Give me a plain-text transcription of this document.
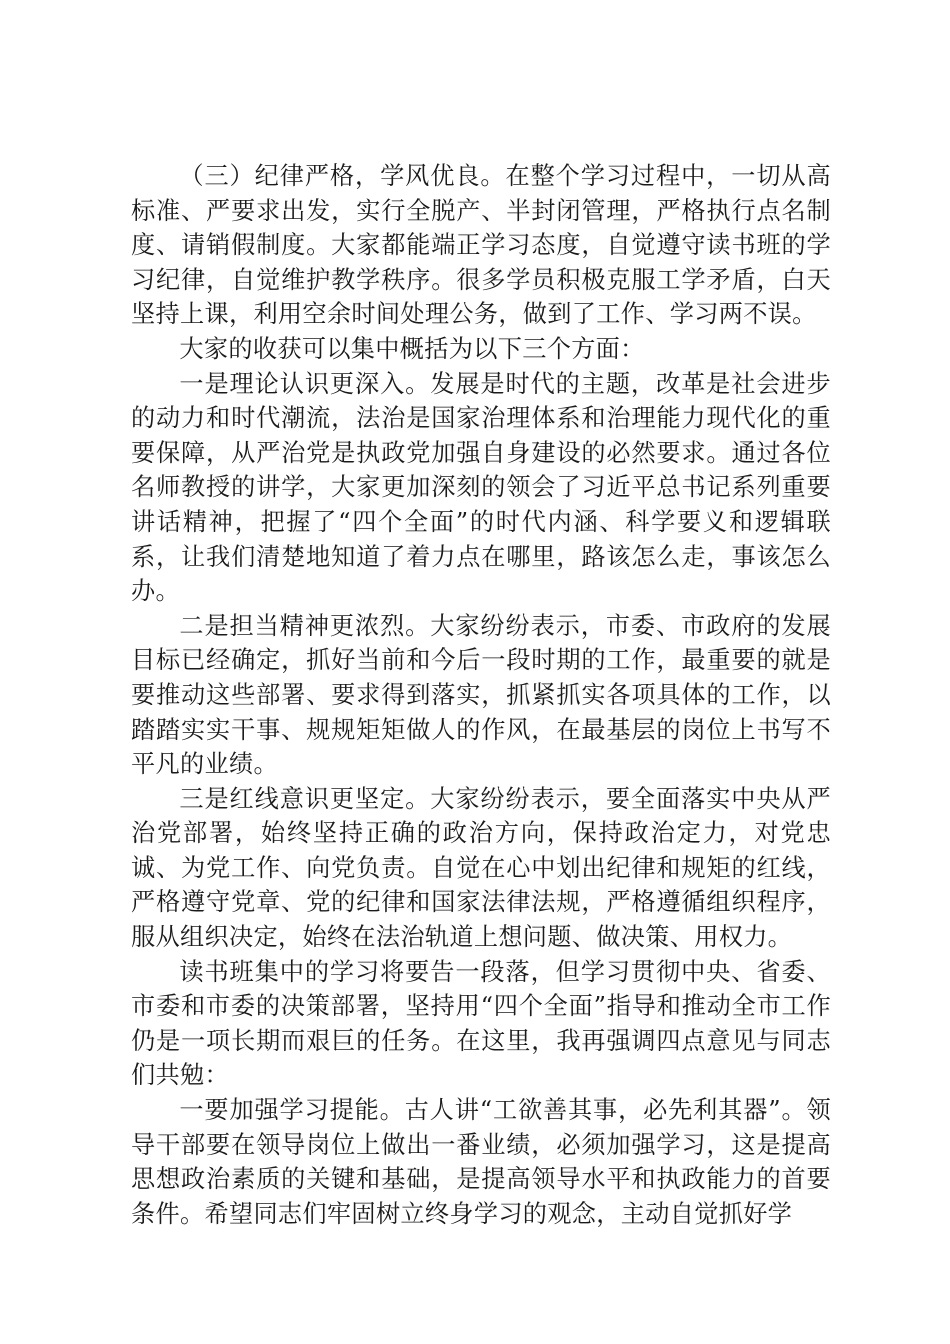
（三）纪律严格，学风优良。在整个学习过程中，一切从高标准、严要求出发，实行全脱产、半封闭管理，严格执行点名制度、请销假制度。大家都能端正学习态度，自觉遵守读书班的学习纪律，自觉维护教学秩序。很多学员积极克服工学矛盾，白天坚持上课，利用空余时间处理公务，做到了工作、学习两不误。

大家的收获可以集中概括为以下三个方面：

一是理论认识更深入。发展是时代的主题，改革是社会进步的动力和时代潮流，法治是国家治理体系和治理能力现代化的重要保障，从严治党是执政党加强自身建设的必然要求。通过各位名师教授的讲学，大家更加深刻的领会了习近平总书记系列重要讲话精神，把握了“四个全面”的时代内涵、科学要义和逻辑联系，让我们清楚地知道了着力点在哪里，路该怎么走，事该怎么办。

二是担当精神更浓烈。大家纷纷表示，市委、市政府的发展目标已经确定，抓好当前和今后一段时期的工作，最重要的就是要推动这些部署、要求得到落实，抓紧抓实各项具体的工作，以踏踏实实干事、规规矩矩做人的作风，在最基层的岗位上书写不平凡的业绩。

三是红线意识更坚定。大家纷纷表示，要全面落实中央从严治党部署，始终坚持正确的政治方向，保持政治定力，对党忠诚、为党工作、向党负责。自觉在心中划出纪律和规矩的红线，严格遵守党章、党的纪律和国家法律法规，严格遵循组织程序，服从组织决定，始终在法治轨道上想问题、做决策、用权力。

读书班集中的学习将要告一段落，但学习贯彻中央、省委、市委和市委的决策部署，坚持用“四个全面”指导和推动全市工作仍是一项长期而艰巨的任务。在这里，我再强调四点意见与同志们共勉：

一要加强学习提能。古人讲“工欲善其事，必先利其器”。领导干部要在领导岗位上做出一番业绩，必须加强学习，这是提高思想政治素质的关键和基础，是提高领导水平和执政能力的首要条件。希望同志们牢固树立终身学习的观念，主动自觉抓好学
